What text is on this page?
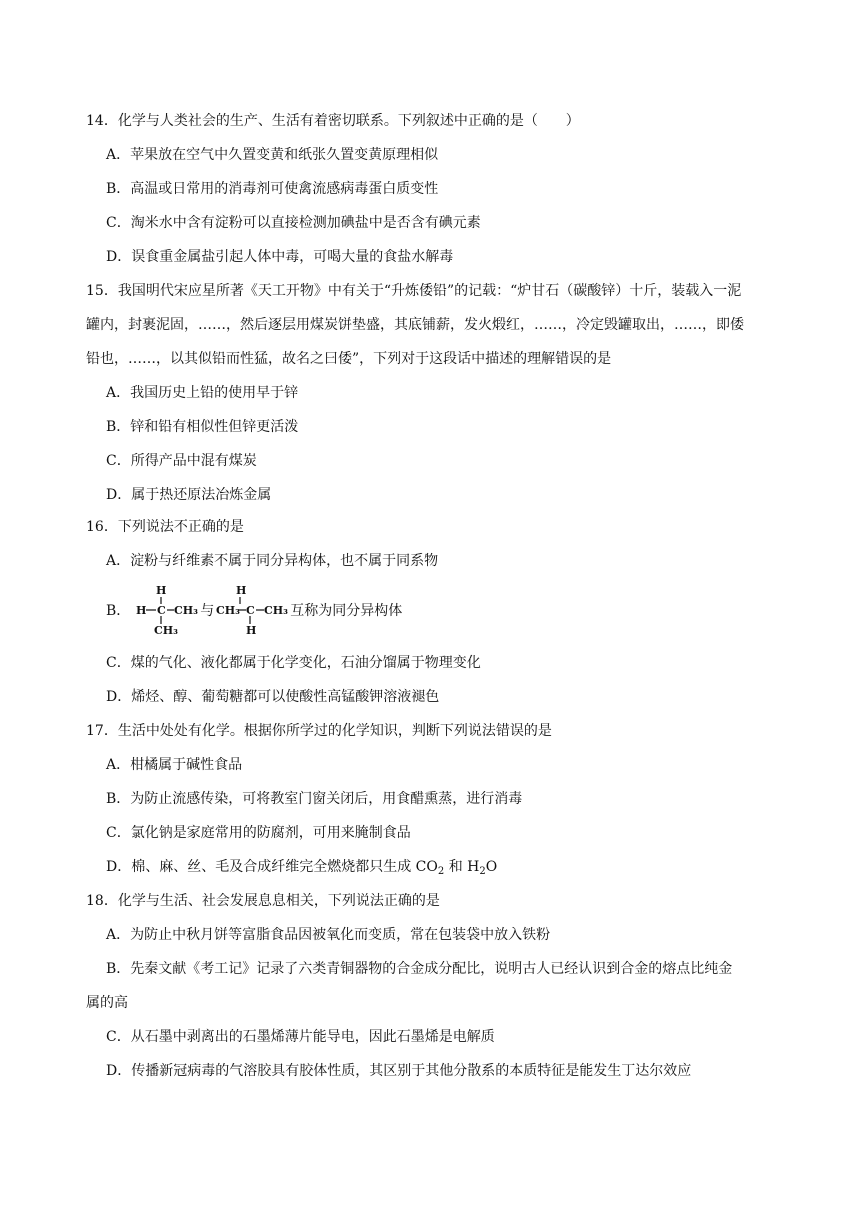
14．化学与人类社会的生产、生活有着密切联系。下列叙述中正确的是（　　）

A．苹果放在空气中久置变黄和纸张久置变黄原理相似

B．高温或日常用的消毒剂可使禽流感病毒蛋白质变性

C．淘米水中含有淀粉可以直接检测加碘盐中是否含有碘元素

D．误食重金属盐引起人体中毒，可喝大量的食盐水解毒

15．我国明代宋应星所著《天工开物》中有关于“升炼倭铅”的记载：“炉甘石（碳酸锌）十斤，装载入一泥

罐内，封裹泥固，……，然后逐层用煤炭饼垫盛，其底铺薪，发火煅红，……，冷定毁罐取出，……，即倭

铅也，……，以其似铅而性猛，故名之曰倭”，下列对于这段话中描述的理解错误的是

A．我国历史上铅的使用早于锌

B．锌和铅有相似性但锌更活泼

C．所得产品中混有煤炭

D．属于热还原法冶炼金属

16．下列说法不正确的是

A．淀粉与纤维素不属于同分异构体，也不属于同系物

B． H C CH₃
CH₃
H
与 CH₃
H
C
H
CH₃ 互称为同分异构体

C．煤的气化、液化都属于化学变化，石油分馏属于物理变化

D．烯烃、醇、葡萄糖都可以使酸性高锰酸钾溶液褪色

17．生活中处处有化学。根据你所学过的化学知识，判断下列说法错误的是

A．柑橘属于碱性食品

B．为防止流感传染，可将教室门窗关闭后，用食醋熏蒸，进行消毒

C．氯化钠是家庭常用的防腐剂，可用来腌制食品

D．棉、麻、丝、毛及合成纤维完全燃烧都只生成 $CO_2$ 和 $H_2O$

18．化学与生活、社会发展息息相关，下列说法正确的是

A．为防止中秋月饼等富脂食品因被氧化而变质，常在包装袋中放入铁粉

B．先秦文献《考工记》记录了六类青铜器物的合金成分配比，说明古人已经认识到合金的熔点比纯金

属的高

C．从石墨中剥离出的石墨烯薄片能导电，因此石墨烯是电解质

D．传播新冠病毒的气溶胶具有胶体性质，其区别于其他分散系的本质特征是能发生丁达尔效应
